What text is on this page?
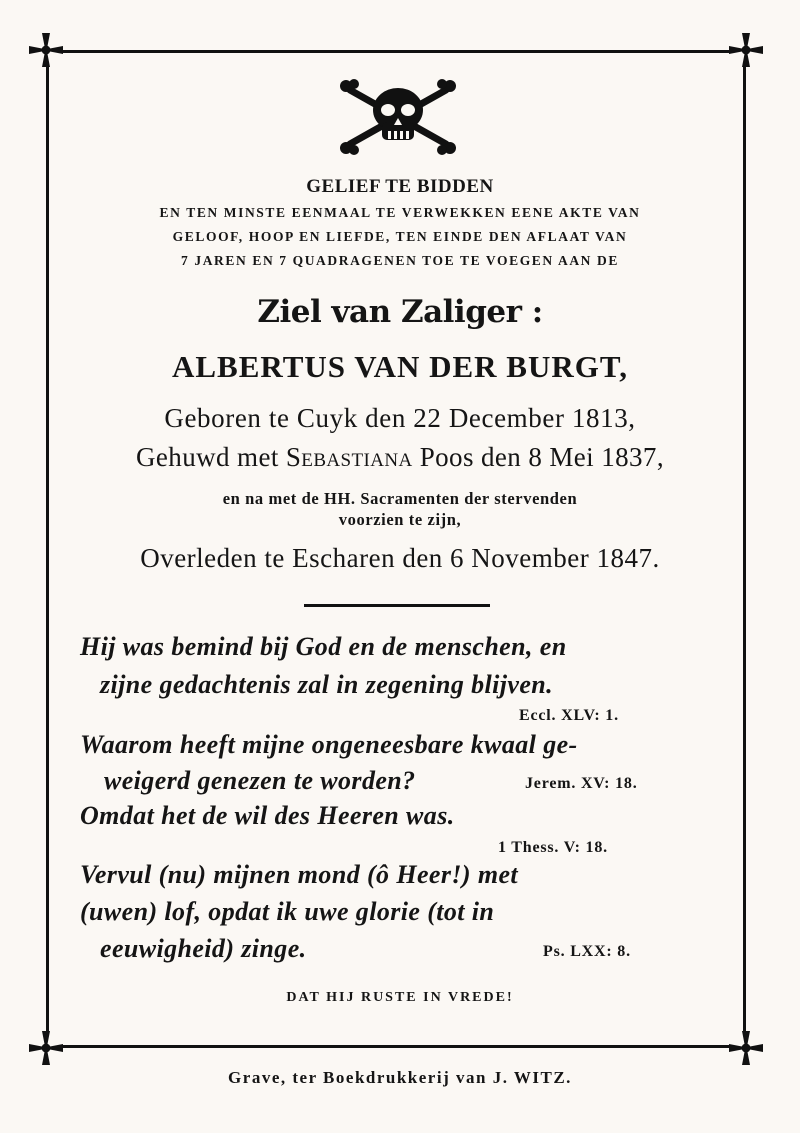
GELIEF TE BIDDEN
EN TEN MINSTE EENMAAL TE VERWEKKEN EENE AKTE VAN
GELOOF, HOOP EN LIEFDE, TEN EINDE DEN AFLAAT VAN
7 JAREN EN 7 QUADRAGENEN TOE TE VOEGEN AAN DE
Ziel van Zaliger :
ALBERTUS VAN DER BURGT,
Geboren te Cuyk den 22 December 1813,
Gehuwd met Sebastiana Poos den 8 Mei 1837,
en na met de HH. Sacramenten der stervenden
voorzien te zijn,
Overleden te Escharen den 6 November 1847.
Hij was bemind bij God en de menschen, en
zijne gedachtenis zal in zegening blijven.
Eccl. XLV: 1.
Waarom heeft mijne ongeneesbare kwaal ge-
weigerd genezen te worden?	Jerem. XV: 18.
Omdat het de wil des Heeren was.
1 Thess. V: 18.
Vervul (nu) mijnen mond (ô Heer!) met
(uwen) lof, opdat ik uwe glorie (tot in
eeuwigheid) zinge.	Ps. LXX: 8.
DAT HIJ RUSTE IN VREDE!
Grave, ter Boekdrukkerij van J. WITZ.
